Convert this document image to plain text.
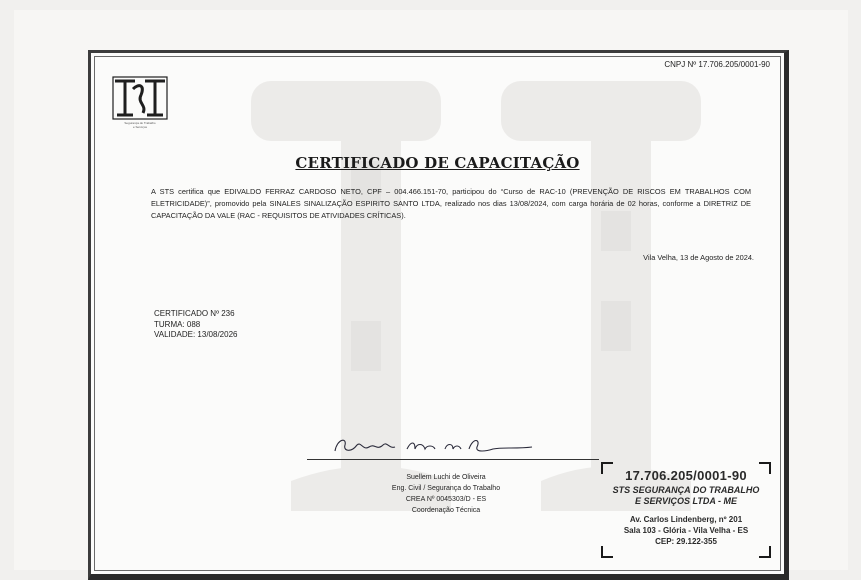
CNPJ Nº 17.706.205/0001-90
Segurança do Trabalho
e Serviços
CERTIFICADO DE CAPACITAÇÃO
A STS certifica que EDIVALDO FERRAZ CARDOSO NETO, CPF – 004.466.151-70, participou do “Curso de RAC-10 (PREVENÇÃO DE RISCOS EM TRABALHOS COM ELETRICIDADE)”, promovido pela SINALES SINALIZAÇÃO ESPIRITO SANTO LTDA, realizado nos dias 13/08/2024, com carga horária de 02 horas, conforme a DIRETRIZ DE CAPACITAÇÃO DA VALE (RAC - REQUISITOS DE ATIVIDADES CRÍTICAS).
Vila Velha, 13 de Agosto de 2024.
CERTIFICADO Nº 236
TURMA: 088
VALIDADE: 13/08/2026
Suellem Luchi de Oliveira
Eng. Civil / Segurança do Trabalho
CREA Nº 0045303/D - ES
Coordenação Técnica
17.706.205/0001-90
STS SEGURANÇA DO TRABALHO
E SERVIÇOS LTDA - ME
Av. Carlos Lindenberg, nº 201
Sala 103 - Glória - Vila Velha - ES
CEP: 29.122-355
